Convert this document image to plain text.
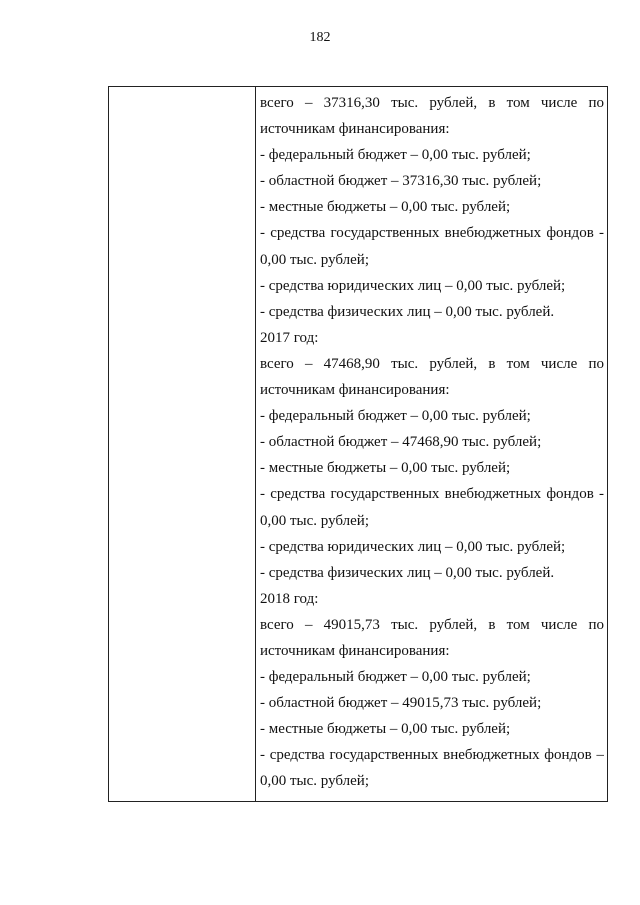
182
всего – 37316,30 тыс. рублей, в том числе по
источникам финансирования:
- федеральный бюджет – 0,00 тыс. рублей;
- областной бюджет – 37316,30 тыс. рублей;
- местные бюджеты – 0,00 тыс. рублей;
- средства государственных внебюджетных фондов -
0,00 тыс. рублей;
- средства юридических лиц – 0,00 тыс. рублей;
- средства физических лиц – 0,00 тыс. рублей.
2017 год:
всего – 47468,90 тыс. рублей, в том числе по
источникам финансирования:
- федеральный бюджет – 0,00 тыс. рублей;
- областной бюджет – 47468,90 тыс. рублей;
- местные бюджеты – 0,00 тыс. рублей;
- средства государственных внебюджетных фондов -
0,00 тыс. рублей;
- средства юридических лиц – 0,00 тыс. рублей;
- средства физических лиц – 0,00 тыс. рублей.
2018 год:
всего – 49015,73 тыс. рублей, в том числе по
источникам финансирования:
- федеральный бюджет – 0,00 тыс. рублей;
- областной бюджет – 49015,73 тыс. рублей;
- местные бюджеты – 0,00 тыс. рублей;
- средства государственных внебюджетных фондов –
0,00 тыс. рублей;
